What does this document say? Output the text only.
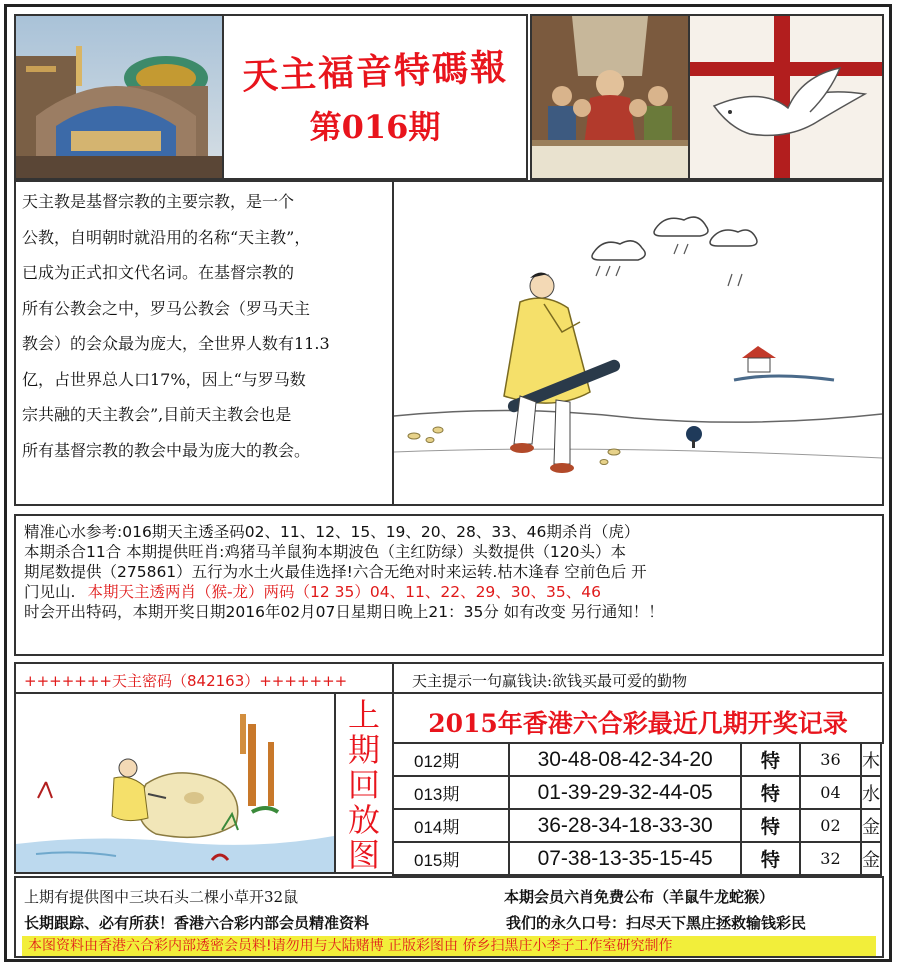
天主福音特碼報
第016期
天主教是基督宗教的主要宗教，是一个
公教，自明朝时就沿用的名称“天主教”，
已成为正式扣文代名词。在基督宗教的
所有公教会之中，罗马公教会（罗马天主
教会）的会众最为庞大，全世界人数有11.3
亿，占世界总人口17%，因上“与罗马数
宗共融的天主教会”,目前天主教会也是
所有基督宗教的教会中最为庞大的教会。
精准心水参考:016期天主透圣码02、11、12、15、19、20、28、33、46期杀肖（虎）
本期杀合11合 本期提供旺肖:鸡猪马羊鼠狗本期波色（主红防绿）头数提供（120头）本
期尾数提供（275861）五行为水土火最佳选择!六合无绝对时来运转.枯木逢春 空前色后 开
门见山. 本期天主透两肖（猴-龙）两码（12 35）04、11、22、29、30、35、46
时会开出特码，本期开奖日期2016年02月07日星期日晚上21：35分 如有改变 另行通知！！
+++++++天主密码（842163）+++++++	天主提示一句赢钱诀:欲钱买最可爱的勤物
上
期
回
放
图
2015年香港六合彩最近几期开奖记录
012期	30-48-08-42-34-20	特	36	木
013期	01-39-29-32-44-05	特	04	水
014期	36-28-34-18-33-30	特	02	金
015期	07-38-13-35-15-45	特	32	金
上期有提供图中三块石头二棵小草开32鼠	本期会员六肖免费公布（羊鼠牛龙蛇猴）
长期跟踪、必有所获！香港六合彩内部会员精准资料	我们的永久口号：扫尽天下黑庄拯救输钱彩民
本图资料由香港六合彩内部透密会员料!请勿用与大陆赌博 正版彩图由 侨乡扫黑庄小李子工作室研究制作
